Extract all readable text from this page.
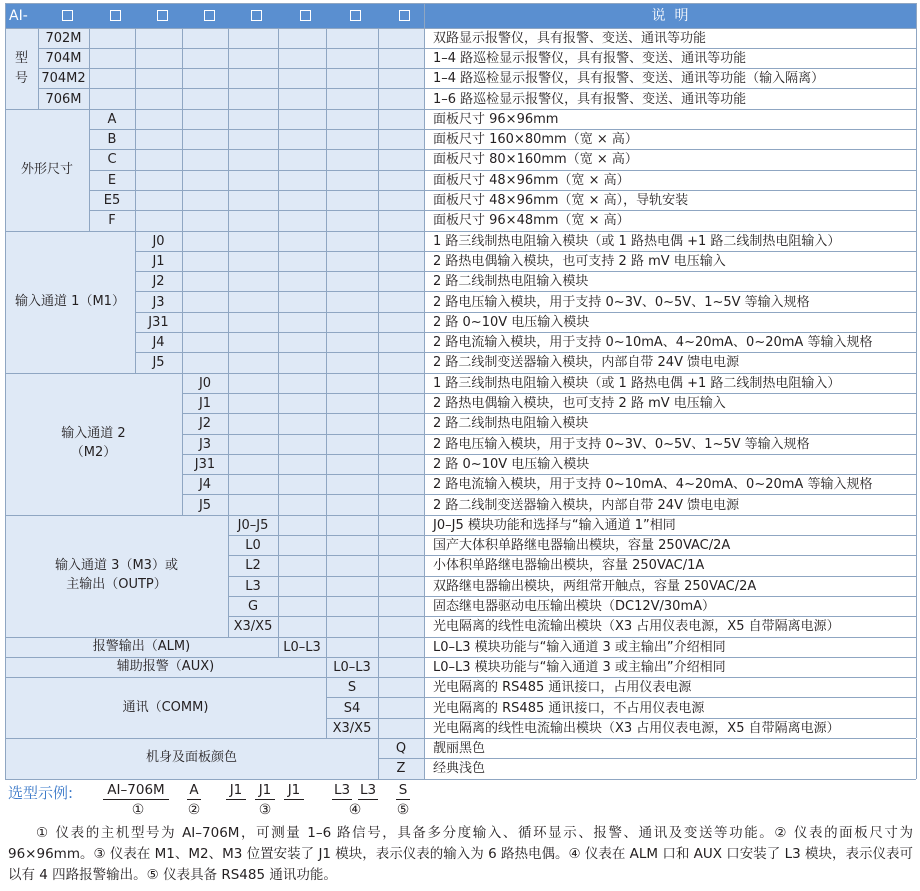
AI-	说  明
型
号
702M	双路显示报警仪，具有报警、变送、通讯等功能
704M	1–4 路巡检显示报警仪，具有报警、变送、通讯等功能
704M2	1–4 路巡检显示报警仪，具有报警、变送、通讯等功能（输入隔离）
706M	1–6 路巡检显示报警仪，具有报警、变送、通讯等功能
外形尺寸
A	面板尺寸 96×96mm
B	面板尺寸 160×80mm（宽 × 高）
C	面板尺寸 80×160mm（宽 × 高）
E	面板尺寸 48×96mm（宽 × 高）
E5	面板尺寸 48×96mm（宽 × 高），导轨安装
F	面板尺寸 96×48mm（宽 × 高）
输入通道 1（M1）
J0	1 路三线制热电阻输入模块（或 1 路热电偶 +1 路二线制热电阻输入）
J1	2 路热电偶输入模块，也可支持 2 路 mV 电压输入
J2	2 路二线制热电阻输入模块
J3	2 路电压输入模块，用于支持 0~3V、0~5V、1~5V 等输入规格
J31	2 路 0~10V 电压输入模块
J4	2 路电流输入模块，用于支持 0~10mA、4~20mA、0~20mA 等输入规格
J5	2 路二线制变送器输入模块，内部自带 24V 馈电电源
输入通道 2
（M2）
J0	1 路三线制热电阻输入模块（或 1 路热电偶 +1 路二线制热电阻输入）
J1	2 路热电偶输入模块，也可支持 2 路 mV 电压输入
J2	2 路二线制热电阻输入模块
J3	2 路电压输入模块，用于支持 0~3V、0~5V、1~5V 等输入规格
J31	2 路 0~10V 电压输入模块
J4	2 路电流输入模块，用于支持 0~10mA、4~20mA、0~20mA 等输入规格
J5	2 路二线制变送器输入模块，内部自带 24V 馈电电源
输入通道 3（M3）或
主输出（OUTP）
J0–J5	J0–J5 模块功能和选择与“输入通道 1”相同
L0	国产大体积单路继电器输出模块，容量 250VAC/2A
L2	小体积单路继电器输出模块，容量 250VAC/1A
L3	双路继电器输出模块，两组常开触点，容量 250VAC/2A
G	固态继电器驱动电压输出模块（DC12V/30mA）
X3/X5	光电隔离的线性电流输出模块（X3 占用仪表电源，X5 自带隔离电源）
报警输出（ALM)	L0–L3	L0–L3 模块功能与“输入通道 3 或主输出”介绍相同
辅助报警（AUX)	L0–L3	L0–L3 模块功能与“输入通道 3 或主输出”介绍相同
通讯（COMM)
S	光电隔离的 RS485 通讯接口，占用仪表电源
S4	光电隔离的 RS485 通讯接口，不占用仪表电源
X3/X5	光电隔离的线性电流输出模块（X3 占用仪表电源，X5 自带隔离电源）
机身及面板颜色
Q	靓丽黑色
Z	经典浅色
选型示例:	AI–706M	A J1 J1 J1 L3 L3 S
①	②	③	④	⑤
① 仪表的主机型号为 AI–706M，可测量 1–6 路信号，具备多分度输入、循环显示、报警、通讯及变送等功能。② 仪表的面板尺寸为 96×96mm。③ 仪表在 M1、M2、M3 位置安装了 J1 模块，表示仪表的输入为 6 路热电偶。④ 仪表在 ALM 口和 AUX 口安装了 L3 模块，表示仪表可以有 4 四路报警输出。⑤ 仪表具备 RS485 通讯功能。
